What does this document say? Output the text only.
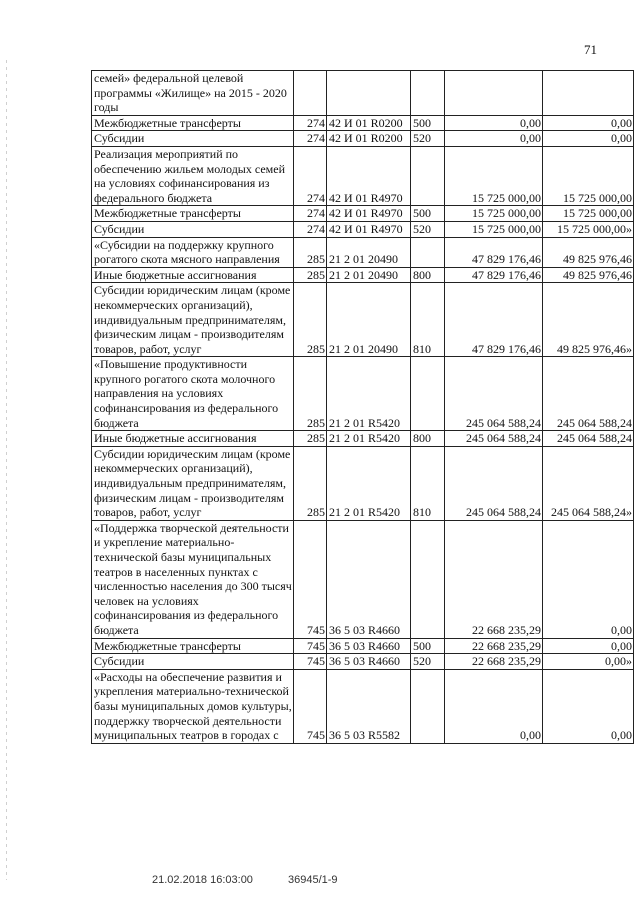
71
семей» федеральной целевой программы «Жилище» на 2015 - 2020 годы					
Межбюджетные трансферты	274	42 И 01 R0200	500	0,00	0,00
Субсидии	274	42 И 01 R0200	520	0,00	0,00
Реализация мероприятий по обеспечению жильем молодых семей на условиях софинансирования из федерального бюджета	274	42 И 01 R4970		15 725 000,00	15 725 000,00
Межбюджетные трансферты	274	42 И 01 R4970	500	15 725 000,00	15 725 000,00
Субсидии	274	42 И 01 R4970	520	15 725 000,00	15 725 000,00»
«Субсидии на поддержку крупного рогатого скота мясного направления	285	21 2 01 20490		47 829 176,46	49 825 976,46
Иные бюджетные ассигнования	285	21 2 01 20490	800	47 829 176,46	49 825 976,46
Субсидии юридическим лицам (кроме некоммерческих организаций), индивидуальным предпринимателям, физическим лицам - производителям товаров, работ, услуг	285	21 2 01 20490	810	47 829 176,46	49 825 976,46»
«Повышение продуктивности крупного рогатого скота молочного направления на условиях софинансирования из федерального бюджета	285	21 2 01 R5420		245 064 588,24	245 064 588,24
Иные бюджетные ассигнования	285	21 2 01 R5420	800	245 064 588,24	245 064 588,24
Субсидии юридическим лицам (кроме некоммерческих организаций), индивидуальным предпринимателям, физическим лицам - производителям товаров, работ, услуг	285	21 2 01 R5420	810	245 064 588,24	245 064 588,24»
«Поддержка творческой деятельности и укрепление материально-технической базы муниципальных театров в населенных пунктах с численностью населения до 300 тысяч человек на условиях софинансирования из федерального бюджета	745	36 5 03 R4660		22 668 235,29	0,00
Межбюджетные трансферты	745	36 5 03 R4660	500	22 668 235,29	0,00
Субсидии	745	36 5 03 R4660	520	22 668 235,29	0,00»
«Расходы на обеспечение развития и укрепления материально-технической базы муниципальных домов культуры, поддержку творческой деятельности муниципальных театров в городах с	745	36 5 03 R5582		0,00	0,00
21.02.2018 16:03:00	36945/1-9
